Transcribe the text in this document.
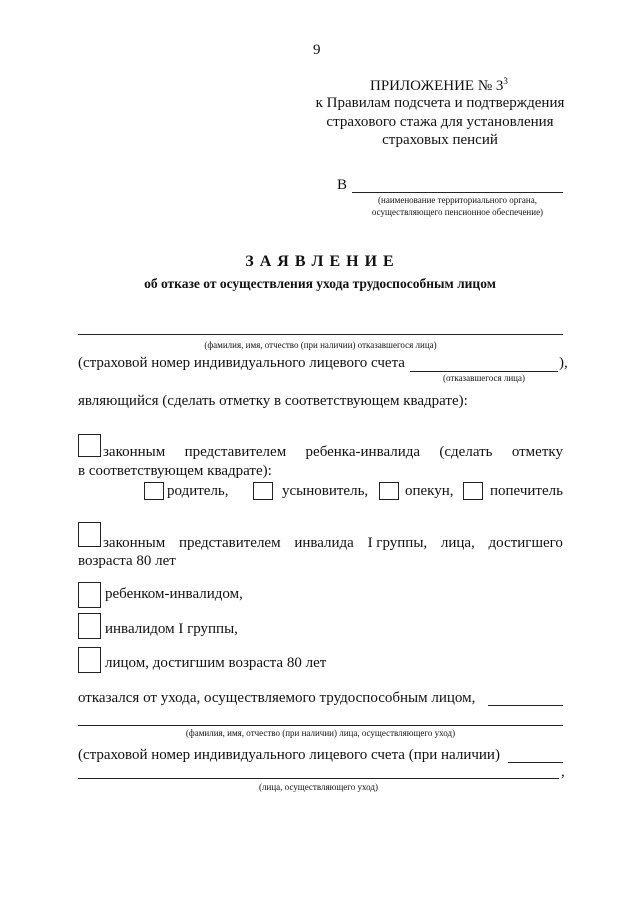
9
ПРИЛОЖЕНИЕ № $3^3$
к Правилам подсчета и подтверждения
страхового стажа для установления
страховых пенсий
В
(наименование территориального органа,
осуществляющего пенсионное обеспечение)
З А Я В Л Е Н И Е
об отказе от осуществления ухода трудоспособным лицом
(фамилия, имя, отчество (при наличии) отказавшегося лица)
(страховой номер индивидуального лицевого счета	),
(отказавшегося лица)
являющийся (сделать отметку в соответствующем квадрате):
законным представителем ребенка-инвалида (сделать отметку
в соответствующем квадрате):
родитель,	усыновитель, опекун, попечитель
законным представителем инвалида I группы, лица, достигшего
возраста 80 лет
ребенком-инвалидом,
инвалидом I группы,
лицом, достигшим возраста 80 лет
отказался от ухода, осуществляемого трудоспособным лицом,
(фамилия, имя, отчество (при наличии) лица, осуществляющего уход)
(страховой номер индивидуального лицевого счета (при наличии)
,
(лица, осуществляющего уход)
